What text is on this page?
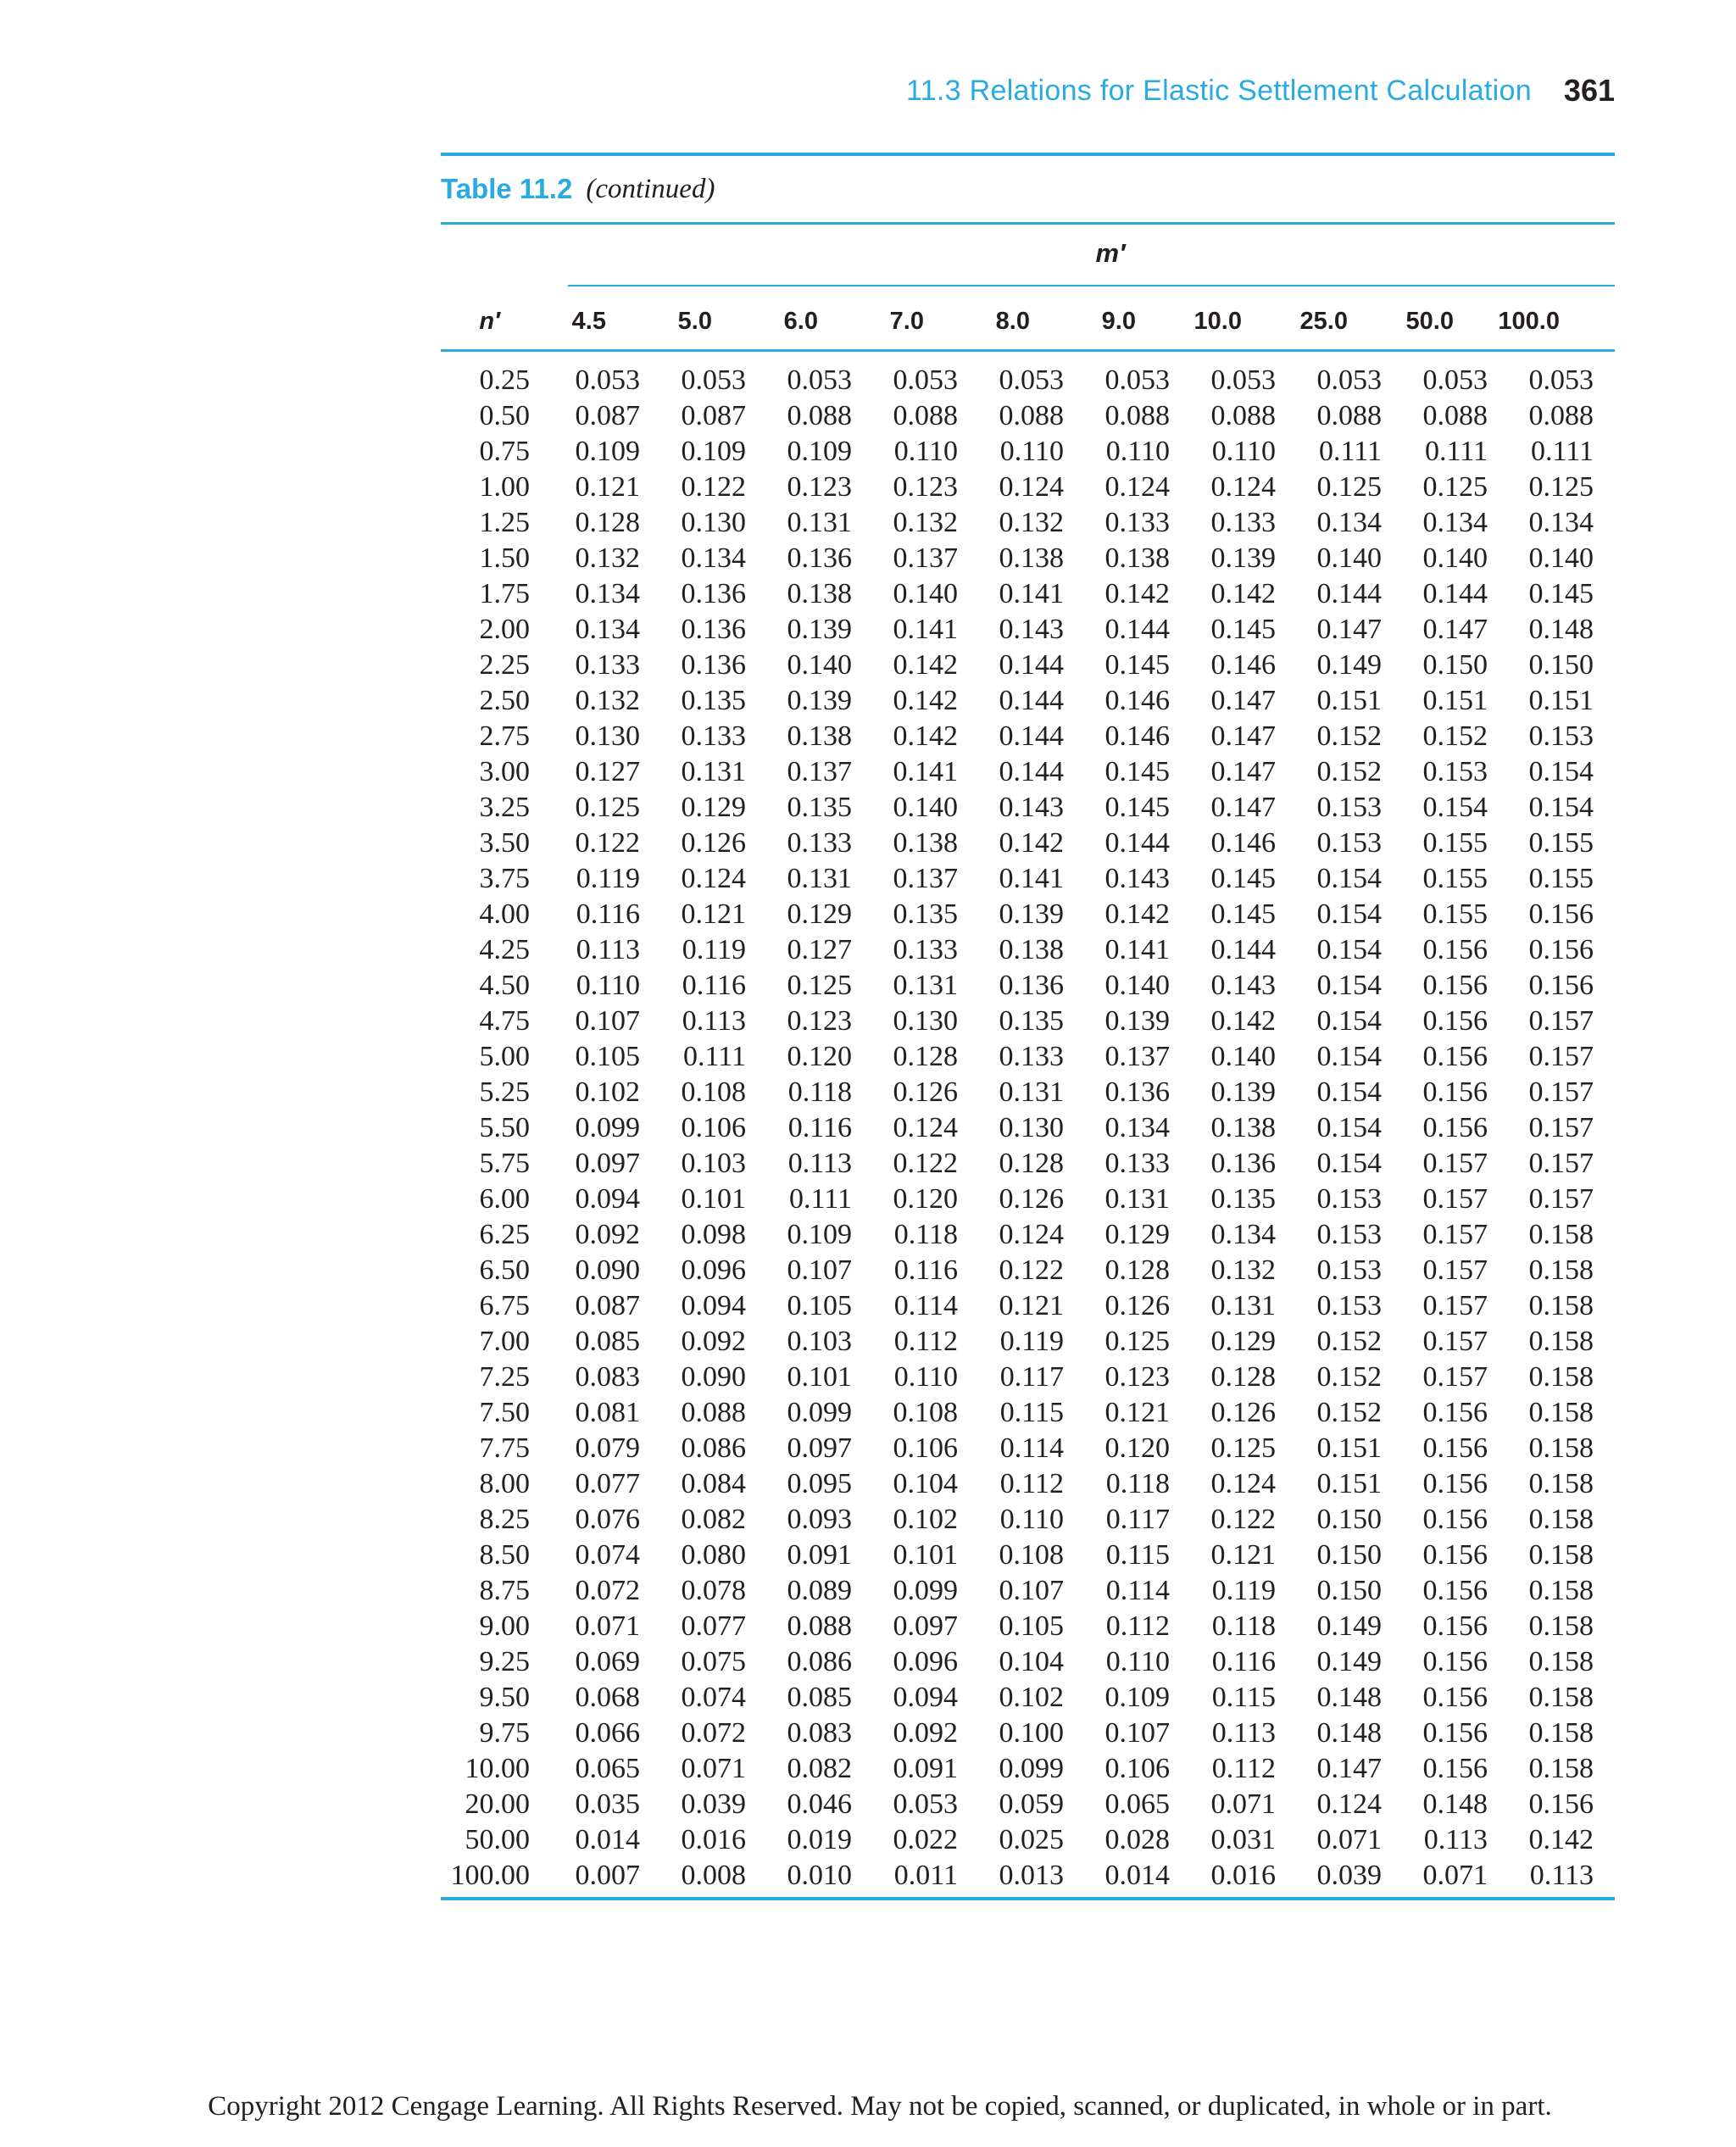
11.3 Relations for Elastic Settlement Calculation 361
Table 11.2 (continued)
m′
n′	4.5	5.0	6.0	7.0	8.0	9.0	10.0	25.0	50.0	100.0
0.25	0.053	0.053	0.053	0.053	0.053	0.053	0.053	0.053	0.053	0.053
0.50	0.087	0.087	0.088	0.088	0.088	0.088	0.088	0.088	0.088	0.088
0.75	0.109	0.109	0.109	0.110	0.110	0.110	0.110	0.111	0.111	0.111
1.00	0.121	0.122	0.123	0.123	0.124	0.124	0.124	0.125	0.125	0.125
1.25	0.128	0.130	0.131	0.132	0.132	0.133	0.133	0.134	0.134	0.134
1.50	0.132	0.134	0.136	0.137	0.138	0.138	0.139	0.140	0.140	0.140
1.75	0.134	0.136	0.138	0.140	0.141	0.142	0.142	0.144	0.144	0.145
2.00	0.134	0.136	0.139	0.141	0.143	0.144	0.145	0.147	0.147	0.148
2.25	0.133	0.136	0.140	0.142	0.144	0.145	0.146	0.149	0.150	0.150
2.50	0.132	0.135	0.139	0.142	0.144	0.146	0.147	0.151	0.151	0.151
2.75	0.130	0.133	0.138	0.142	0.144	0.146	0.147	0.152	0.152	0.153
3.00	0.127	0.131	0.137	0.141	0.144	0.145	0.147	0.152	0.153	0.154
3.25	0.125	0.129	0.135	0.140	0.143	0.145	0.147	0.153	0.154	0.154
3.50	0.122	0.126	0.133	0.138	0.142	0.144	0.146	0.153	0.155	0.155
3.75	0.119	0.124	0.131	0.137	0.141	0.143	0.145	0.154	0.155	0.155
4.00	0.116	0.121	0.129	0.135	0.139	0.142	0.145	0.154	0.155	0.156
4.25	0.113	0.119	0.127	0.133	0.138	0.141	0.144	0.154	0.156	0.156
4.50	0.110	0.116	0.125	0.131	0.136	0.140	0.143	0.154	0.156	0.156
4.75	0.107	0.113	0.123	0.130	0.135	0.139	0.142	0.154	0.156	0.157
5.00	0.105	0.111	0.120	0.128	0.133	0.137	0.140	0.154	0.156	0.157
5.25	0.102	0.108	0.118	0.126	0.131	0.136	0.139	0.154	0.156	0.157
5.50	0.099	0.106	0.116	0.124	0.130	0.134	0.138	0.154	0.156	0.157
5.75	0.097	0.103	0.113	0.122	0.128	0.133	0.136	0.154	0.157	0.157
6.00	0.094	0.101	0.111	0.120	0.126	0.131	0.135	0.153	0.157	0.157
6.25	0.092	0.098	0.109	0.118	0.124	0.129	0.134	0.153	0.157	0.158
6.50	0.090	0.096	0.107	0.116	0.122	0.128	0.132	0.153	0.157	0.158
6.75	0.087	0.094	0.105	0.114	0.121	0.126	0.131	0.153	0.157	0.158
7.00	0.085	0.092	0.103	0.112	0.119	0.125	0.129	0.152	0.157	0.158
7.25	0.083	0.090	0.101	0.110	0.117	0.123	0.128	0.152	0.157	0.158
7.50	0.081	0.088	0.099	0.108	0.115	0.121	0.126	0.152	0.156	0.158
7.75	0.079	0.086	0.097	0.106	0.114	0.120	0.125	0.151	0.156	0.158
8.00	0.077	0.084	0.095	0.104	0.112	0.118	0.124	0.151	0.156	0.158
8.25	0.076	0.082	0.093	0.102	0.110	0.117	0.122	0.150	0.156	0.158
8.50	0.074	0.080	0.091	0.101	0.108	0.115	0.121	0.150	0.156	0.158
8.75	0.072	0.078	0.089	0.099	0.107	0.114	0.119	0.150	0.156	0.158
9.00	0.071	0.077	0.088	0.097	0.105	0.112	0.118	0.149	0.156	0.158
9.25	0.069	0.075	0.086	0.096	0.104	0.110	0.116	0.149	0.156	0.158
9.50	0.068	0.074	0.085	0.094	0.102	0.109	0.115	0.148	0.156	0.158
9.75	0.066	0.072	0.083	0.092	0.100	0.107	0.113	0.148	0.156	0.158
10.00	0.065	0.071	0.082	0.091	0.099	0.106	0.112	0.147	0.156	0.158
20.00	0.035	0.039	0.046	0.053	0.059	0.065	0.071	0.124	0.148	0.156
50.00	0.014	0.016	0.019	0.022	0.025	0.028	0.031	0.071	0.113	0.142
100.00	0.007	0.008	0.010	0.011	0.013	0.014	0.016	0.039	0.071	0.113
Copyright 2012 Cengage Learning. All Rights Reserved. May not be copied, scanned, or duplicated, in whole or in part.
